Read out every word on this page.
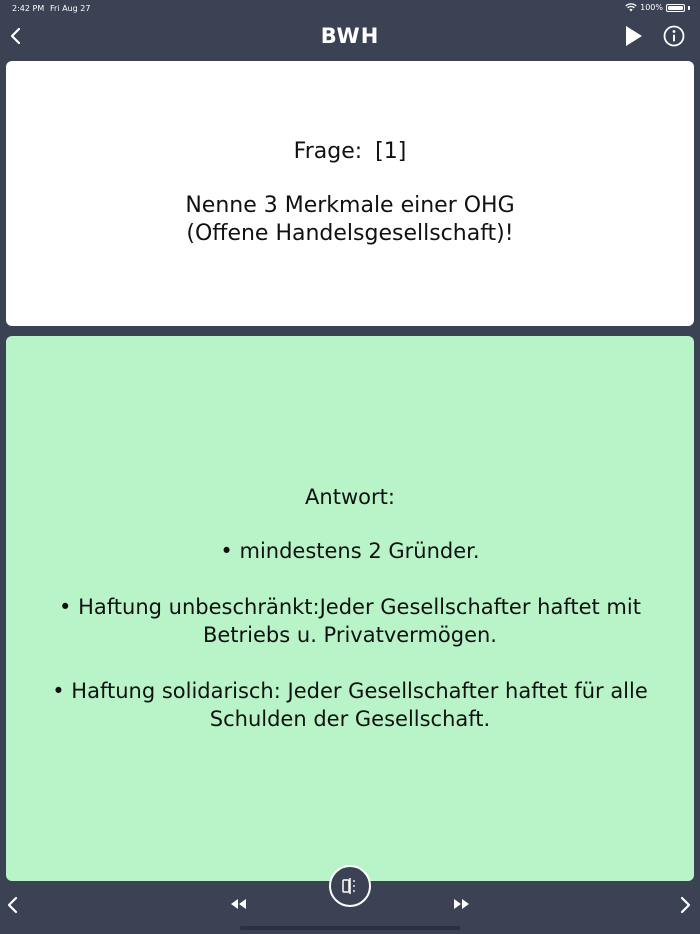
2:42 PM Fri Aug 27	100%
BWH
Frage: [1]
Nenne 3 Merkmale einer OHG
(Offene Handelsgesellschaft)!
Antwort:
• mindestens 2 Gründer.
• Haftung unbeschränkt:Jeder Gesellschafter haftet mit
Betriebs u. Privatvermögen.
• Haftung solidarisch: Jeder Gesellschafter haftet für alle
Schulden der Gesellschaft.
